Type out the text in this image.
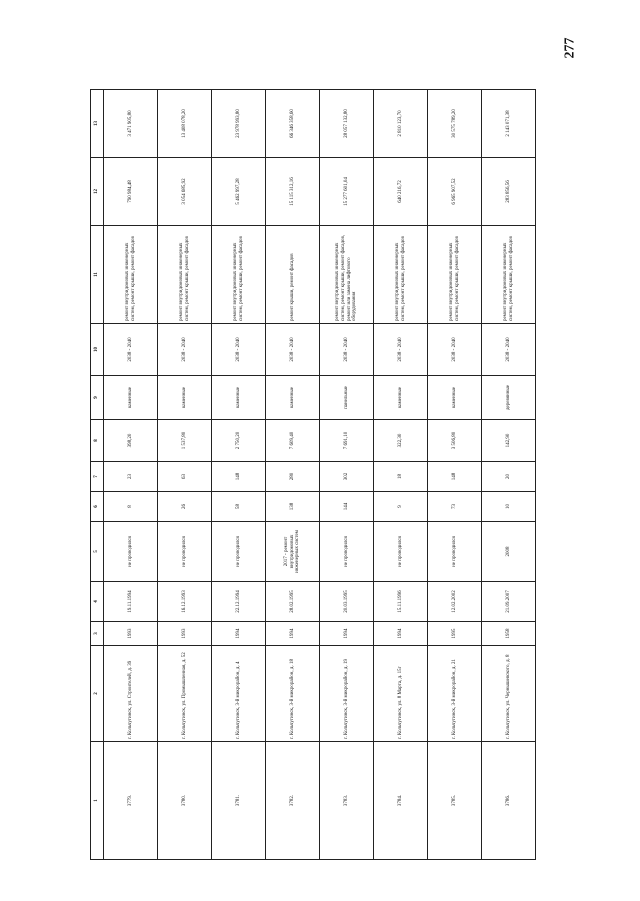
277
1	2	3	4	5	6	7	8	9	10	11	12	13
3779.	г. Кольчугинск, ул. Строителей, д. 39	1993	19.11.1994	не проводился	8	23	398,20	каменные	2038 - 2040	ремонт внутридомовых инженерных систем, ремонт крыши, ремонт фасадов	790 984,48	3 471 905,80
3780.	г. Кольчугинск, ул. Промышленная, д. 52	1993	16.12.1993	не проводился	26	63	1 537,80	каменные	2038 - 2040	ремонт внутридомовых инженерных систем, ремонт крыши, ремонт фасадов	3 054 685,92	13 408 078,20
3781.	г. Кольчугинск, 3-й микрорайон, д. 4	1994	22.12.1994	не проводился	58	148	2 750,20	каменные	2038 - 2040	ремонт внутридомовых инженерных систем, ремонт крыши, ремонт фасадов	5 462 997,28	23 978 993,80
3782.	г. Кольчугинск, 3-й микрорайон, д. 18	1994	28.02.1995	2017 - ремонт внутридомовых инженерных систем	138	280	7 609,40	каменные	2038 - 2040	ремонт крыши, ремонт фасадов	15 115 312,16	66 346 358,60
3783.	г. Кольчугинск, 3-й микрорайон, д. 19	1994	20.03.1995	не проводился	144	302	7 691,10	панельные	2038 - 2040	ремонт внутридомовых инженерных систем, ремонт крыши, ремонт фасадов, ремонт или замена лифтового оборудования	15 277 601,04	28 057 132,80
3784.	г. Кольчугинск, ул. 8 Марта, д. 15г	1994	15.11.1996	не проводился	9	18	322,30	каменные	2038 - 2040	ремонт внутридомовых инженерных систем, ремонт крыши, ремонт фасадов	640 216,72	2 810 123,70
3785.	г. Кольчугинск, 3-й микрорайон, д. 21	1995	12.02.2002	не проводился	73	148	3 506,80	каменные	2038 - 2040	ремонт внутридомовых инженерных систем, ремонт крыши, ремонт фасадов	6 965 907,52	30 575 789,20
3786.	г. Кольчугинск, ул. Чернышевского, д. 8	1958	21.09.2007	2008	10	20	142,90	деревянные	2038 - 2040	ремонт внутридомовых инженерных систем, ремонт крыши, ремонт фасадов	283 856,56	2 143 071,38
